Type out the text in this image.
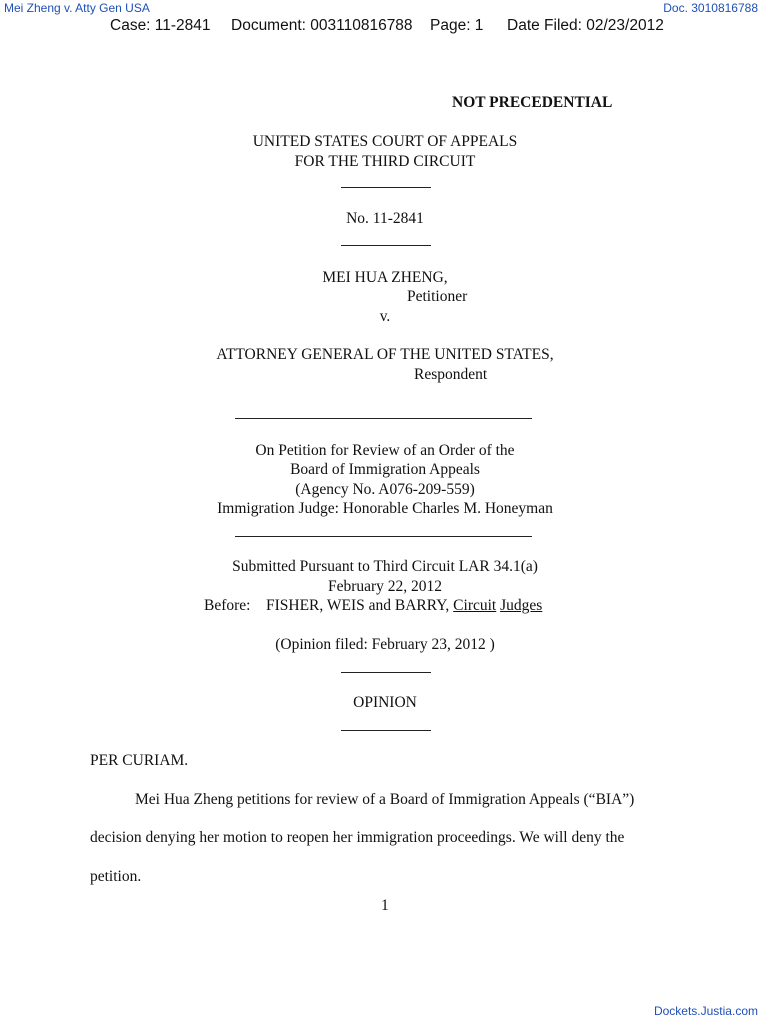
Mei Zheng v. Atty Gen USA	Doc. 3010816788
Case: 11-2841 Document: 003110816788 Page: 1 Date Filed: 02/23/2012
NOT PRECEDENTIAL
UNITED STATES COURT OF APPEALS
FOR THE THIRD CIRCUIT
No. 11-2841
MEI HUA ZHENG,
Petitioner
v.
ATTORNEY GENERAL OF THE UNITED STATES,
Respondent
On Petition for Review of an Order of the
Board of Immigration Appeals
(Agency No. A076-209-559)
Immigration Judge: Honorable Charles M. Honeyman
Submitted Pursuant to Third Circuit LAR 34.1(a)
February 22, 2012
Before: FISHER, WEIS and BARRY, Circuit Judges
(Opinion filed: February 23, 2012 )
OPINION
PER CURIAM.
Mei Hua Zheng petitions for review of a Board of Immigration Appeals (“BIA”)
decision denying her motion to reopen her immigration proceedings. We will deny the
petition.
1
Dockets.Justia.com
